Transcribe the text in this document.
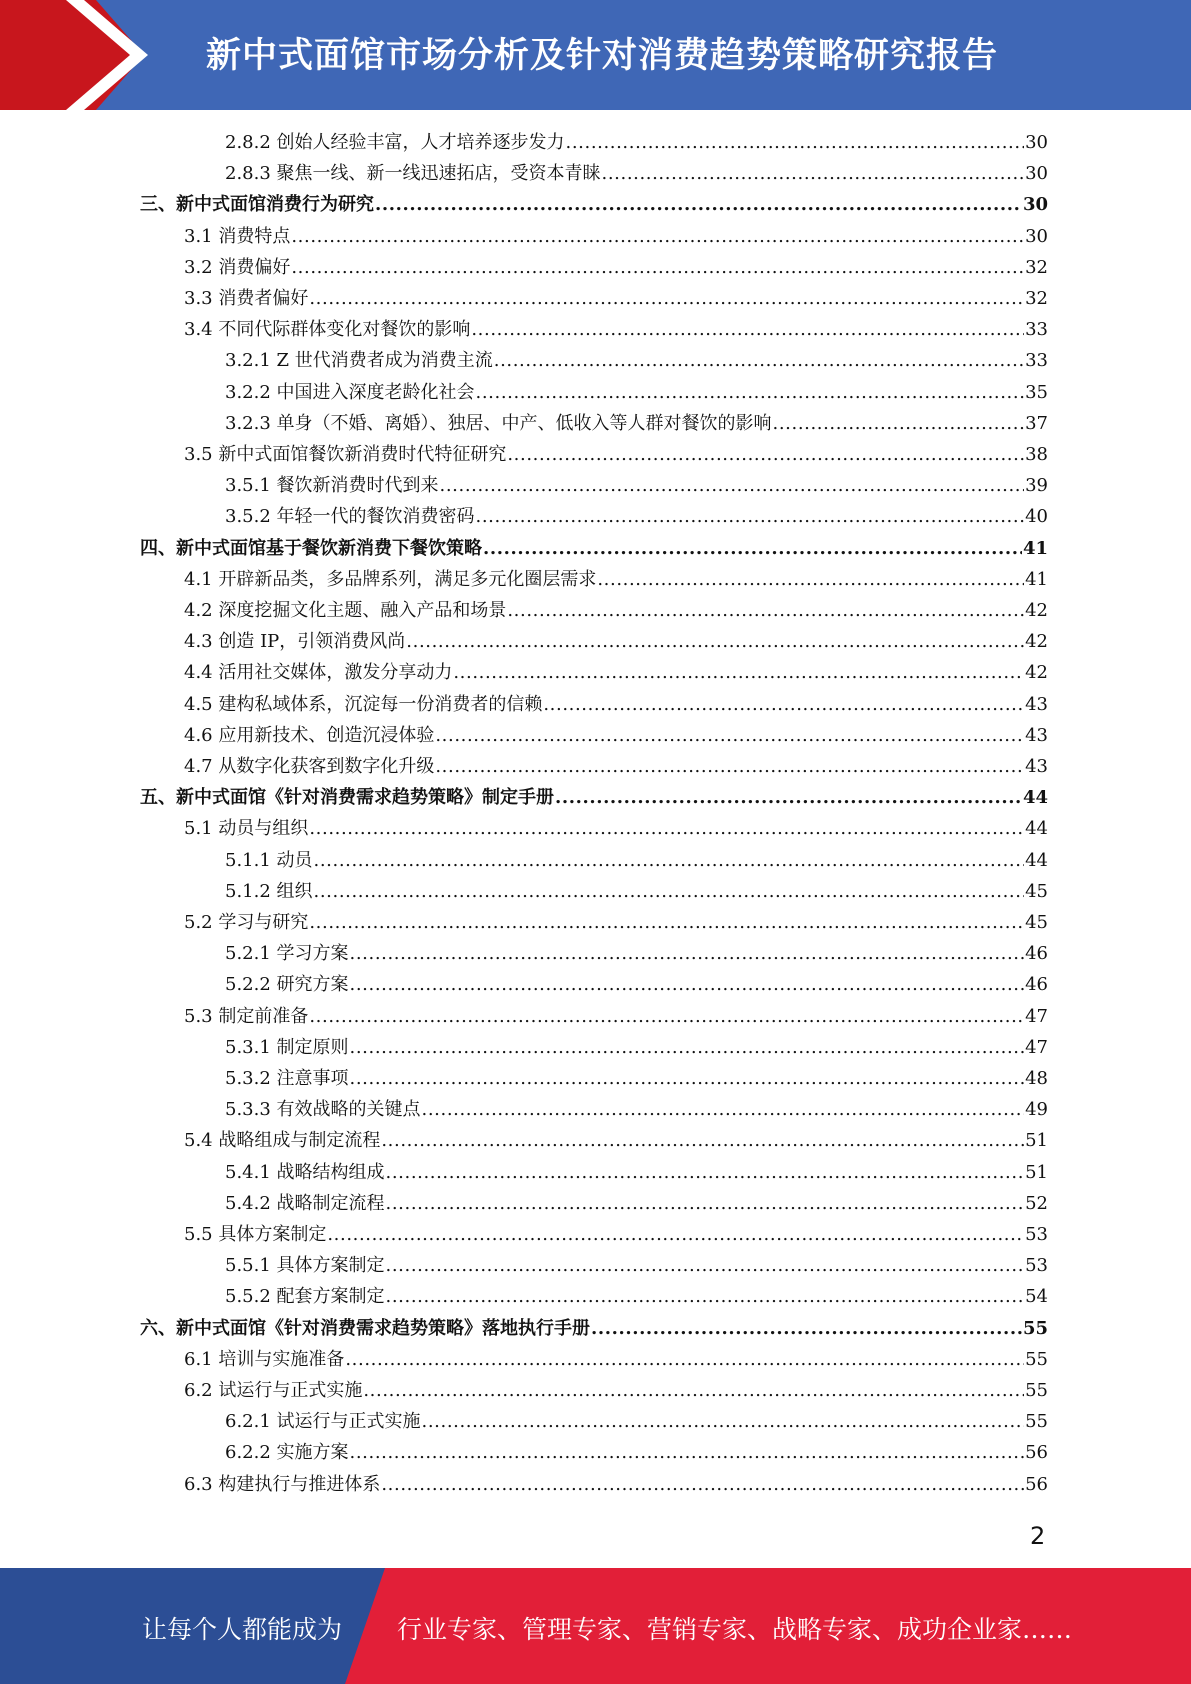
新中式面馆市场分析及针对消费趋势策略研究报告
2.8.2 创始人经验丰富，人才培养逐步发力 .....	30
2.8.3 聚焦一线、新一线迅速拓店，受资本青睐 .....	30
三、新中式面馆消费行为研究 .....	30
3.1 消费特点 .....	30
3.2 消费偏好 .....	32
3.3 消费者偏好 .....	32
3.4 不同代际群体变化对餐饮的影响 .....	33
3.2.1 Z 世代消费者成为消费主流 .....	33
3.2.2 中国进入深度老龄化社会 .....	35
3.2.3 单身（不婚、离婚）、独居、中产、低收入等人群对餐饮的影响 .....	37
3.5 新中式面馆餐饮新消费时代特征研究 .....	38
3.5.1 餐饮新消费时代到来 .....	39
3.5.2 年轻一代的餐饮消费密码 .....	40
四、新中式面馆基于餐饮新消费下餐饮策略 .....	41
4.1 开辟新品类，多品牌系列，满足多元化圈层需求 .....	41
4.2 深度挖掘文化主题、融入产品和场景 .....	42
4.3 创造 IP，引领消费风尚 .....	42
4.4 活用社交媒体，激发分享动力 .....	42
4.5 建构私域体系，沉淀每一份消费者的信赖 .....	43
4.6 应用新技术、创造沉浸体验 .....	43
4.7 从数字化获客到数字化升级 .....	43
五、新中式面馆《针对消费需求趋势策略》制定手册 .....	44
5.1 动员与组织 .....	44
5.1.1 动员 .....	44
5.1.2 组织 .....	45
5.2 学习与研究 .....	45
5.2.1 学习方案 .....	46
5.2.2 研究方案 .....	46
5.3 制定前准备 .....	47
5.3.1 制定原则 .....	47
5.3.2 注意事项 .....	48
5.3.3 有效战略的关键点 .....	49
5.4 战略组成与制定流程 .....	51
5.4.1 战略结构组成 .....	51
5.4.2 战略制定流程 .....	52
5.5 具体方案制定 .....	53
5.5.1 具体方案制定 .....	53
5.5.2 配套方案制定 .....	54
六、新中式面馆《针对消费需求趋势策略》落地执行手册 .....	55
6.1 培训与实施准备 .....	55
6.2 试运行与正式实施 .....	55
6.2.1 试运行与正式实施 .....	55
6.2.2 实施方案 .....	56
6.3 构建执行与推进体系 .....	56
2
让每个人都能成为 行业专家、管理专家、营销专家、战略专家、成功企业家……
